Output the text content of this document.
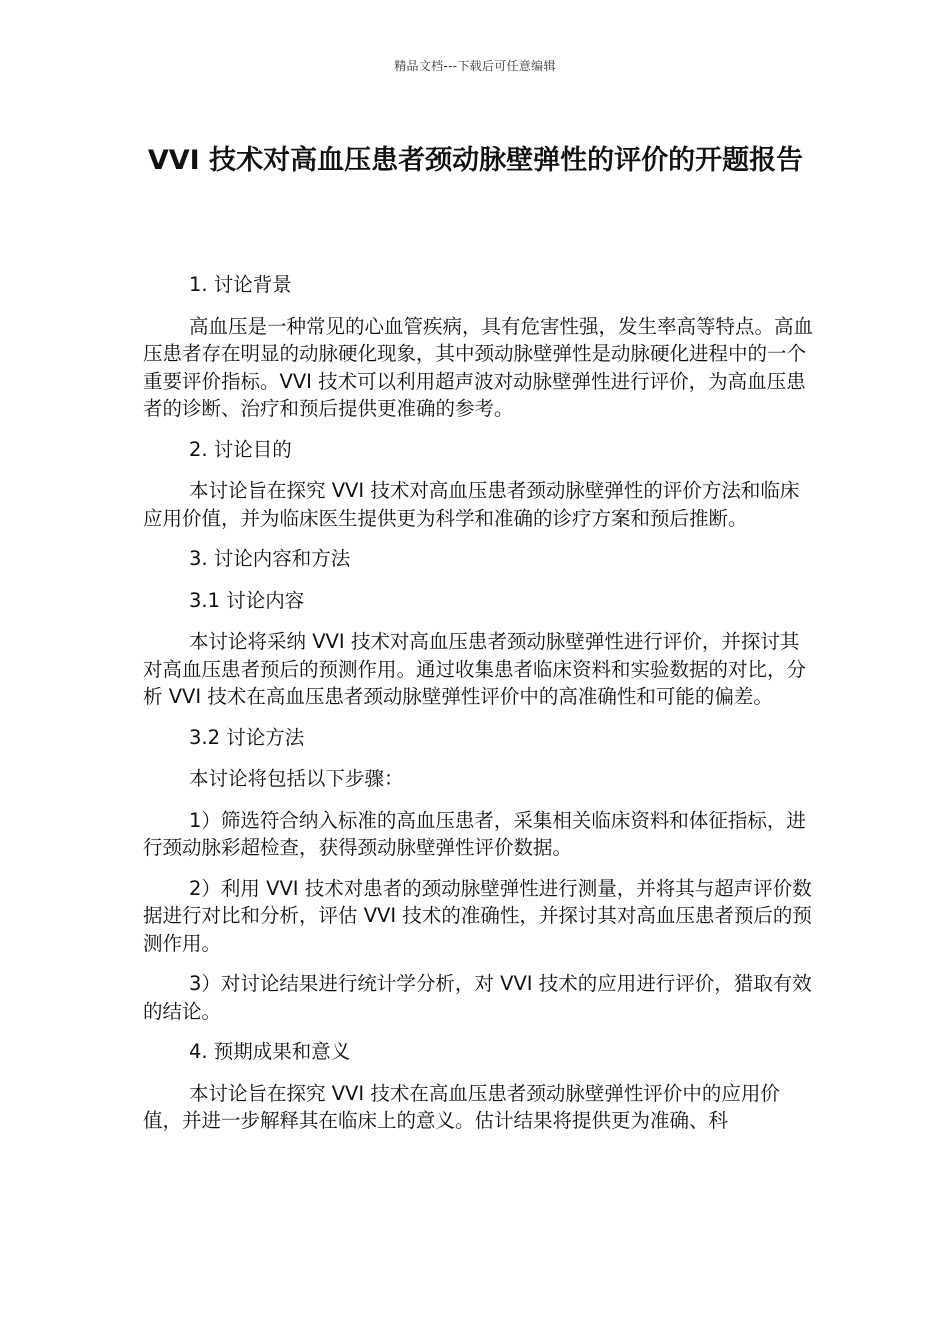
精品文档---下载后可任意编辑
VVI 技术对高血压患者颈动脉壁弹性的评价的开题报告
1. 讨论背景
高血压是一种常见的心血管疾病，具有危害性强，发生率高等特点。高血压患者存在明显的动脉硬化现象，其中颈动脉壁弹性是动脉硬化进程中的一个重要评价指标。VVI 技术可以利用超声波对动脉壁弹性进行评价，为高血压患者的诊断、治疗和预后提供更准确的参考。
2. 讨论目的
本讨论旨在探究 VVI 技术对高血压患者颈动脉壁弹性的评价方法和临床应用价值，并为临床医生提供更为科学和准确的诊疗方案和预后推断。
3. 讨论内容和方法
3.1 讨论内容
本讨论将采纳 VVI 技术对高血压患者颈动脉壁弹性进行评价，并探讨其对高血压患者预后的预测作用。通过收集患者临床资料和实验数据的对比，分析 VVI 技术在高血压患者颈动脉壁弹性评价中的高准确性和可能的偏差。
3.2 讨论方法
本讨论将包括以下步骤：
1）筛选符合纳入标准的高血压患者，采集相关临床资料和体征指标，进行颈动脉彩超检查，获得颈动脉壁弹性评价数据。
2）利用 VVI 技术对患者的颈动脉壁弹性进行测量，并将其与超声评价数据进行对比和分析，评估 VVI 技术的准确性，并探讨其对高血压患者预后的预测作用。
3）对讨论结果进行统计学分析，对 VVI 技术的应用进行评价，猎取有效的结论。
4. 预期成果和意义
本讨论旨在探究 VVI 技术在高血压患者颈动脉壁弹性评价中的应用价值，并进一步解释其在临床上的意义。估计结果将提供更为准确、科
